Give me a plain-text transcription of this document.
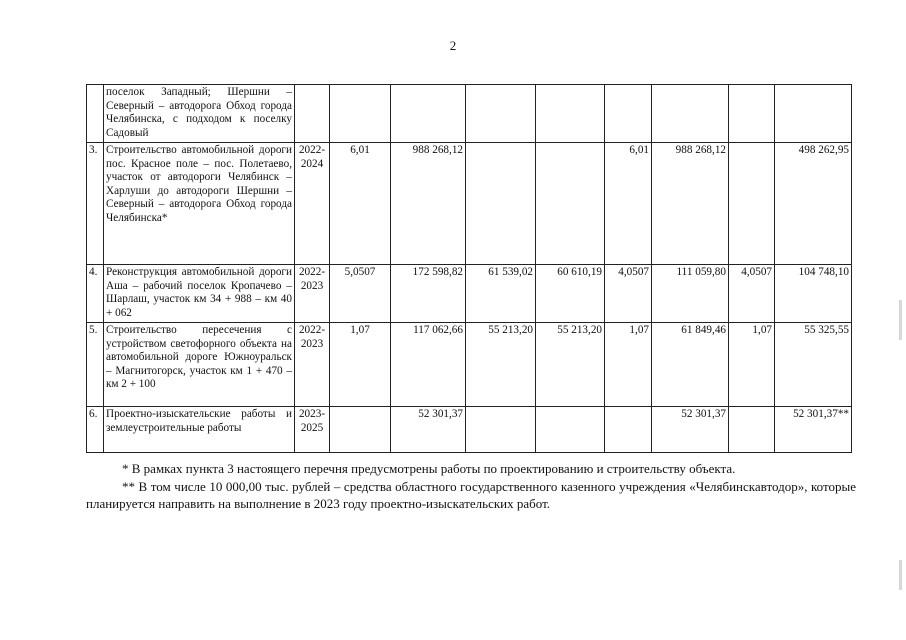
2

	поселок Западный; Шершни – Северный – автодорога Обход города Челябинска, с подходом к поселку Садовый									

3.	Строительство автомобильной дороги пос. Красное поле – пос. Полетаево, участок от автодороги Челябинск – Харлуши до автодороги Шершни – Северный – автодорога Обход города Челябинска*	2022-2024	6,01	988 268,12			6,01	988 268,12		498 262,95
4.	Реконструкция автомобильной дороги Аша – рабочий поселок Кропачево – Шарлаш, участок км 34 + 988 – км 40 + 062	2022-2023	5,0507	172 598,82	61 539,02	60 610,19	4,0507	111 059,80	4,0507	104 748,10
5.	Строительство пересечения с устройством светофорного объекта на автомобильной дороге Южноуральск – Магнитогорск, участок км 1 + 470 – км 2 + 100	2022-2023	1,07	117 062,66	55 213,20	55 213,20	1,07	61 849,46	1,07	55 325,55
6.	Проектно-изыскательские работы и землеустроительные работы	2023-2025		52 301,37				52 301,37		52 301,37**

* В рамках пункта 3 настоящего перечня предусмотрены работы по проектированию и строительству объекта.

** В том числе 10 000,00 тыс. рублей – средства областного государственного казенного учреждения «Челябинскавтодор», которые планируется направить на выполнение в 2023 году проектно-изыскательских работ.
